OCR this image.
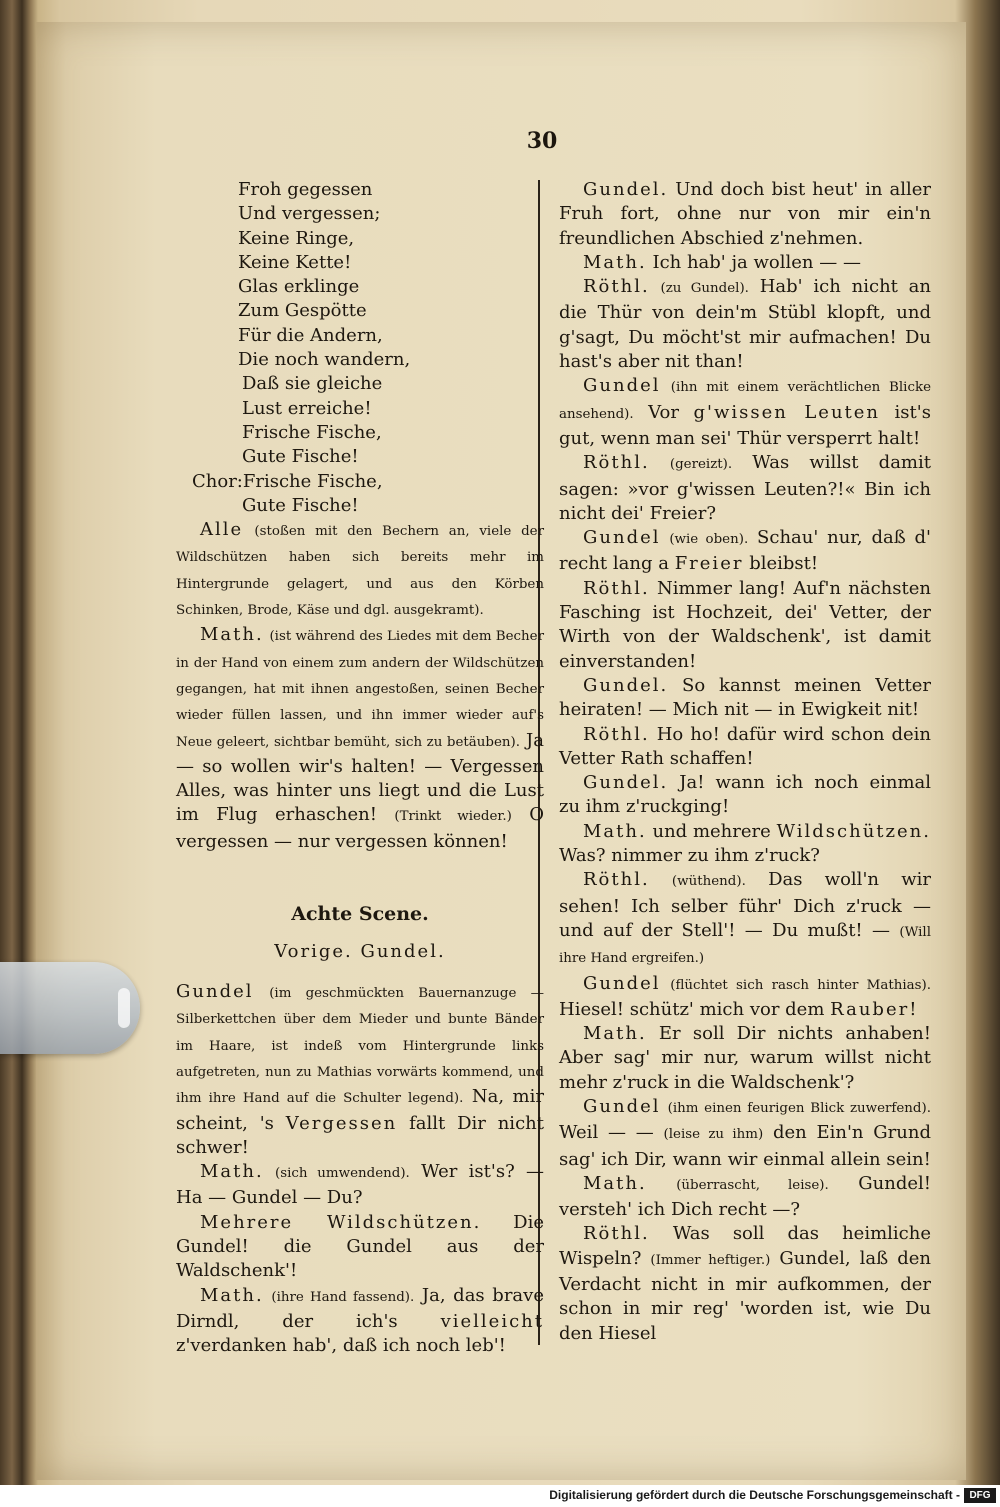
30
Froh gegessen
Und vergessen;
Keine Ringe,
Keine Kette!
Glas erklinge
Zum Gespötte
Für die Andern,
Die noch wandern,
Daß sie gleiche
Lust erreiche!
Frische Fische,
Gute Fische!
Chor:Frische Fische,
Gute Fische!

Alle (stoßen mit den Bechern an, viele der Wildschützen haben sich bereits mehr im Hintergrunde gelagert, und aus den Körben Schinken, Brode, Käse und dgl. ausgekramt).

Math. (ist während des Liedes mit dem Becher in der Hand von einem zum andern der Wildschützen gegangen, hat mit ihnen angestoßen, seinen Becher wieder füllen lassen, und ihn immer wieder auf's Neue geleert, sichtbar bemüht, sich zu betäuben). Ja — so wollen wir's halten! — Vergessen Alles, was hinter uns liegt und die Lust im Flug erhaschen! (Trinkt wieder.) O vergessen — nur vergessen können!

Achte Scene.
Vorige. Gundel.

Gundel (im geschmückten Bauernanzuge — Silberkettchen über dem Mieder und bunte Bänder im Haare, ist indeß vom Hintergrunde links aufgetreten, nun zu Mathias vorwärts kommend, und ihm ihre Hand auf die Schulter legend). Na, mir scheint, 's Vergessen fallt Dir nicht schwer!

Math. (sich umwendend). Wer ist's? — Ha — Gundel — Du?

Mehrere Wildschützen. Die Gundel! die Gundel aus der Waldschenk'!

Math. (ihre Hand fassend). Ja, das brave Dirndl, der ich's vielleicht z'verdanken hab', daß ich noch leb'!

Gundel. Und doch bist heut' in aller Fruh fort, ohne nur von mir ein'n freundlichen Abschied z'nehmen.

Math. Ich hab' ja wollen — —

Röthl. (zu Gundel). Hab' ich nicht an die Thür von dein'm Stübl klopft, und g'sagt, Du möcht'st mir aufmachen! Du hast's aber nit than!

Gundel (ihn mit einem verächtlichen Blicke ansehend). Vor g'wissen Leuten ist's gut, wenn man sei' Thür versperrt halt!

Röthl. (gereizt). Was willst damit sagen: »vor g'wissen Leuten?!« Bin ich nicht dei' Freier?

Gundel (wie oben). Schau' nur, daß d' recht lang a Freier bleibst!

Röthl. Nimmer lang! Auf'n nächsten Fasching ist Hochzeit, dei' Vetter, der Wirth von der Waldschenk', ist damit einverstanden!

Gundel. So kannst meinen Vetter heiraten! — Mich nit — in Ewigkeit nit!

Röthl. Ho ho! dafür wird schon dein Vetter Rath schaffen!

Gundel. Ja! wann ich noch einmal zu ihm z'ruckging!

Math. und mehrere Wildschützen. Was? nimmer zu ihm z'ruck?

Röthl. (wüthend). Das woll'n wir sehen! Ich selber führ' Dich z'ruck — und auf der Stell'! — Du mußt! — (Will ihre Hand ergreifen.)

Gundel (flüchtet sich rasch hinter Mathias). Hiesel! schütz' mich vor dem Rauber!

Math. Er soll Dir nichts anhaben! Aber sag' mir nur, warum willst nicht mehr z'ruck in die Waldschenk'?

Gundel (ihm einen feurigen Blick zuwerfend). Weil — — (leise zu ihm) den Ein'n Grund sag' ich Dir, wann wir einmal allein sein!

Math. (überrascht, leise). Gundel! versteh' ich Dich recht —?

Röthl. Was soll das heimliche Wispeln? (Immer heftiger.) Gundel, laß den Verdacht nicht in mir aufkommen, der schon in mir reg' 'worden ist, wie Du den Hiesel

Digitalisierung gefördert durch die Deutsche Forschungsgemeinschaft - DFG
